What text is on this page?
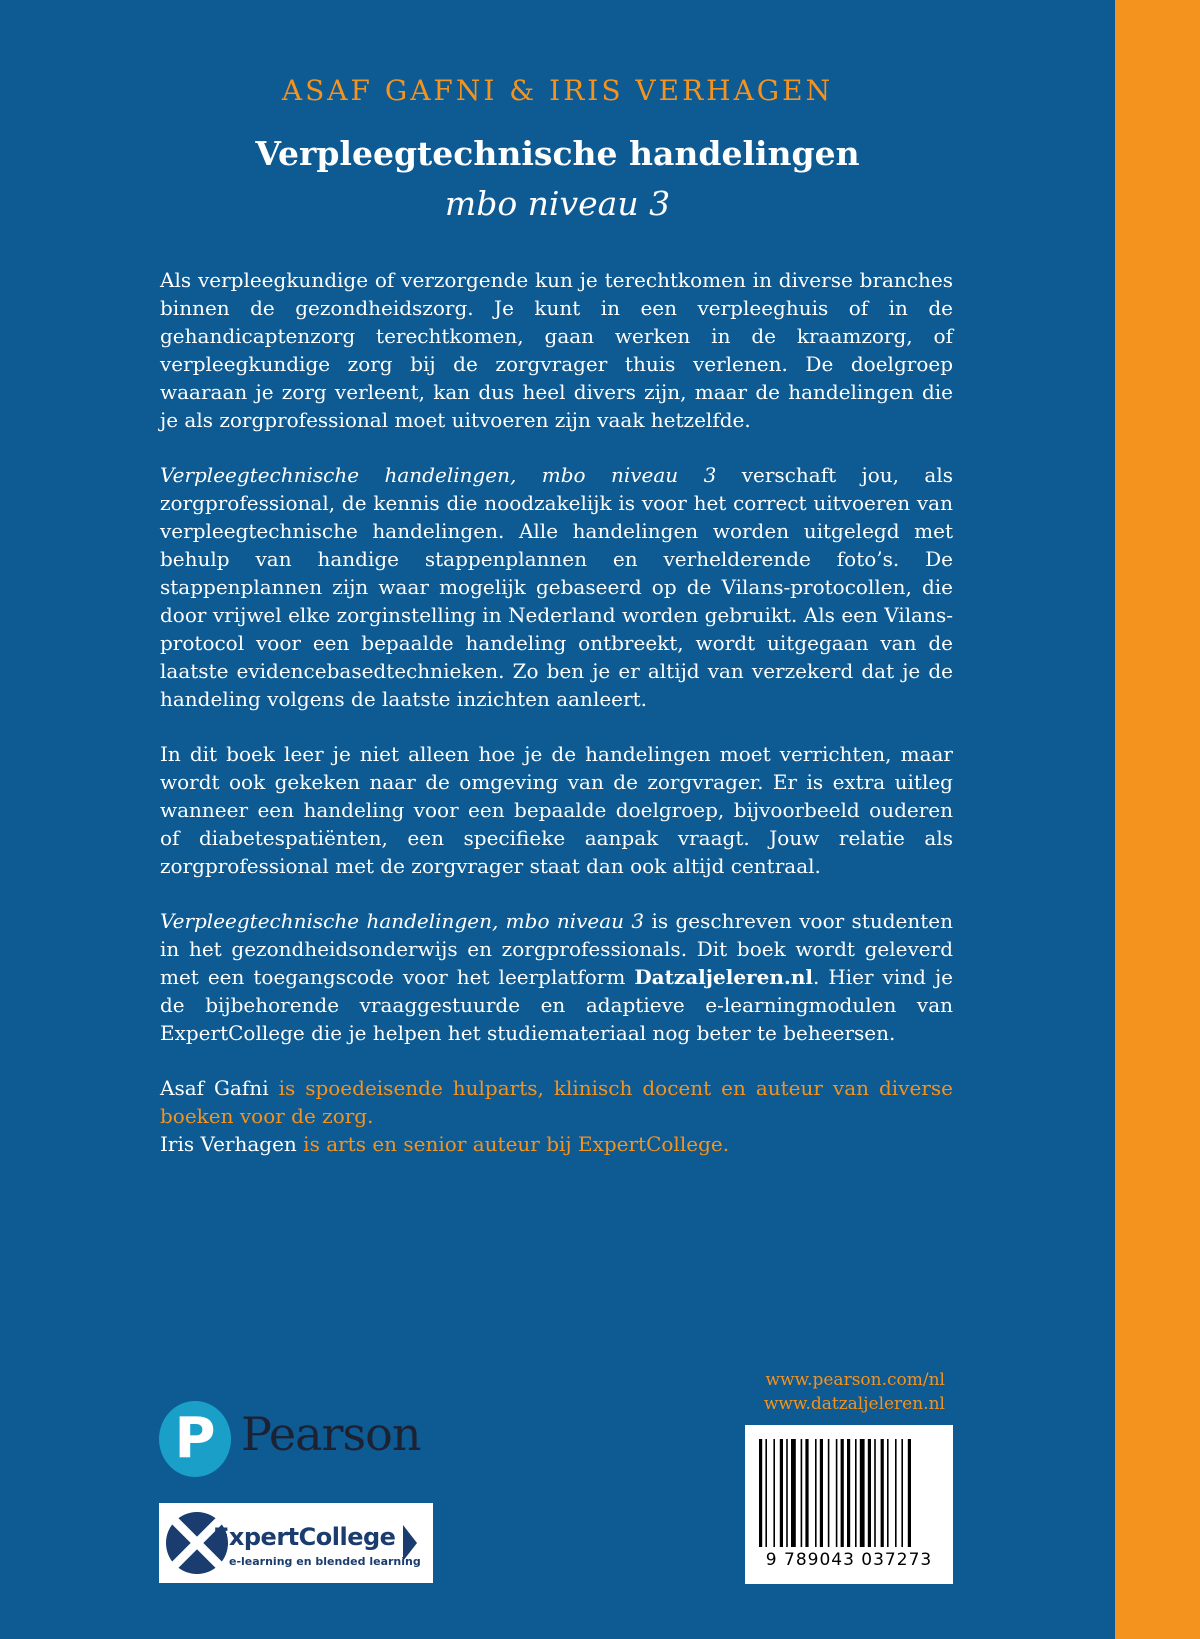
ASAF GAFNI & IRIS VERHAGEN
Verpleegtechnische handelingen
mbo niveau 3

Als verpleegkundige of verzorgende kun je terechtkomen in diverse branches binnen de gezondheidszorg. Je kunt in een verpleeghuis of in de gehandicaptenzorg terechtkomen, gaan werken in de kraamzorg, of verpleegkundige zorg bij de zorgvrager thuis verlenen. De doelgroep waaraan je zorg verleent, kan dus heel divers zijn, maar de handelingen die je als zorgprofessional moet uitvoeren zijn vaak hetzelfde.

Verpleegtechnische handelingen, mbo niveau 3 verschaft jou, als zorgprofessional, de kennis die noodzakelijk is voor het correct uitvoeren van verpleegtechnische handelingen. Alle handelingen worden uitgelegd met behulp van handige stappenplannen en verhelderende foto’s. De stappenplannen zijn waar mogelijk gebaseerd op de Vilans-protocollen, die door vrijwel elke zorginstelling in Nederland worden gebruikt. Als een Vilans-protocol voor een bepaalde handeling ontbreekt, wordt uitgegaan van de laatste evidencebasedtechnieken. Zo ben je er altijd van verzekerd dat je de handeling volgens de laatste inzichten aanleert.

In dit boek leer je niet alleen hoe je de handelingen moet verrichten, maar wordt ook gekeken naar de omgeving van de zorgvrager. Er is extra uitleg wanneer een handeling voor een bepaalde doelgroep, bijvoorbeeld ouderen of diabetespatiënten, een specifieke aanpak vraagt. Jouw relatie als zorgprofessional met de zorgvrager staat dan ook altijd centraal.

Verpleegtechnische handelingen, mbo niveau 3 is geschreven voor studenten in het gezondheidsonderwijs en zorgprofessionals. Dit boek wordt geleverd met een toegangscode voor het leerplatform Datzaljeleren.nl. Hier vind je de bijbehorende vraaggestuurde en adaptieve e-learningmodulen van ExpertCollege die je helpen het studiemateriaal nog beter te beheersen.

Asaf Gafni is spoedeisende hulparts, klinisch docent en auteur van diverse boeken voor de zorg.
Iris Verhagen is arts en senior auteur bij ExpertCollege.

www.pearson.com/nl
www.datzaljeleren.nl
P Pearson
ExpertCollege
e-learning en blended learning	9 789043 037273
